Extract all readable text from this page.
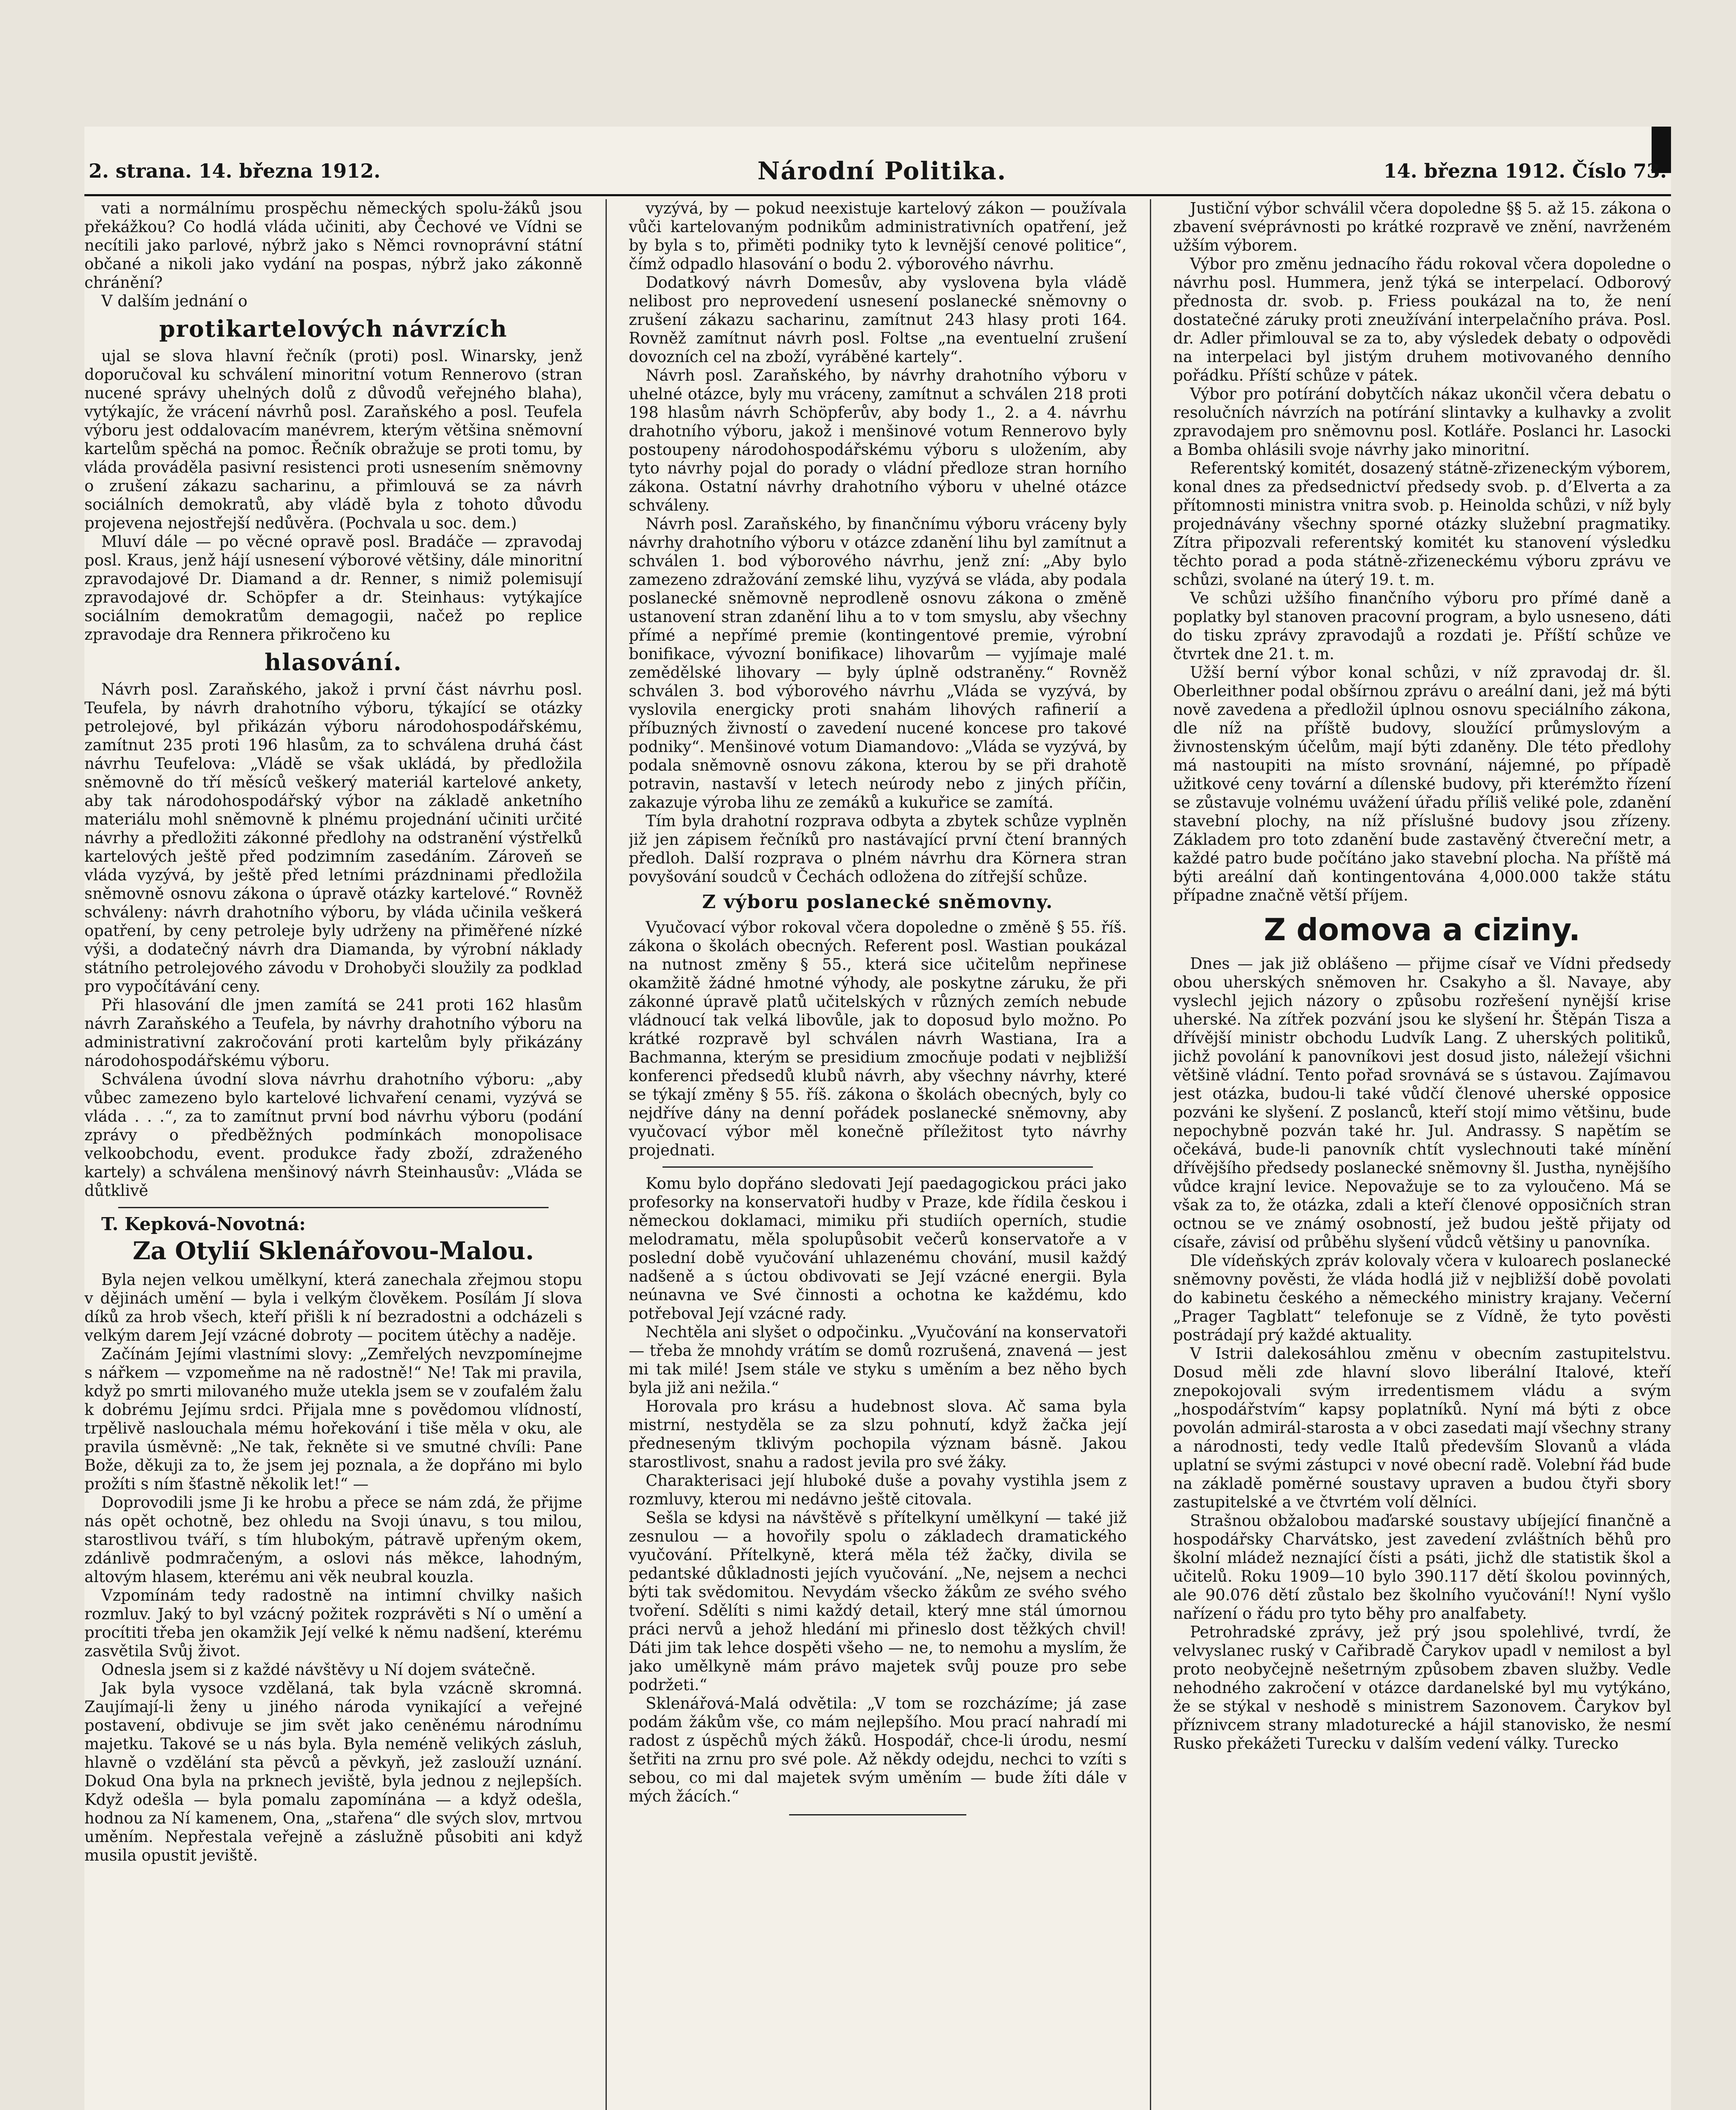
2. strana. 14. března 1912.	Národní Politika.	14. března 1912. Číslo 73.

vati a normálnímu prospěchu německých spolu-žáků jsou překážkou? Co hodlá vláda učiniti, aby Čechové ve Vídni se necítili jako parlové, nýbrž jako s Němci rovnoprávní státní občané a nikoli jako vydání na pospas, nýbrž jako zákonně chránění?

V dalším jednání o

protikartelových návrzích

ujal se slova hlavní řečník (proti) posl. Winarsky, jenž doporučoval ku schválení minoritní votum Rennerovo (stran nucené správy uhelných dolů z důvodů veřejného blaha), vytýkajíc, že vrácení návrhů posl. Zaraňského a posl. Teufela výboru jest oddalovacím manévrem, kterým většina sněmovní kartelům spěchá na pomoc. Řečník obražuje se proti tomu, by vláda prováděla pasivní resistenci proti usnesením sněmovny o zrušení zákazu sacharinu, a přimlouvá se za návrh sociálních demokratů, aby vládě byla z tohoto důvodu projevena nejostřejší nedůvěra. (Pochvala u soc. dem.)

Mluví dále — po věcné opravě posl. Bradáče — zpravodaj posl. Kraus, jenž hájí usnesení výborové většiny, dále minoritní zpravodajové Dr. Diamand a dr. Renner, s nimiž polemisují zpravodajové dr. Schöpfer a dr. Steinhaus: vytýkajíce sociálním demokratům demagogii, načež po replice zpravodaje dra Rennera přikročeno ku

hlasování.

Návrh posl. Zaraňského, jakož i první část návrhu posl. Teufela, by návrh drahotního výboru, týkající se otázky petrolejové, byl přikázán výboru národohospodářskému, zamítnut 235 proti 196 hlasům, za to schválena druhá část návrhu Teufelova: „Vládě se však ukládá, by předložila sněmovně do tří měsíců veškerý materiál kartelové ankety, aby tak národohospodářský výbor na základě anketního materiálu mohl sněmovně k plnému projednání učiniti určité návrhy a předložiti zákonné předlohy na odstranění výstřelků kartelových ještě před podzimním zasedáním. Zároveň se vláda vyzývá, by ještě před letními prázdninami předložila sněmovně osnovu zákona o úpravě otázky kartelové.“ Rovněž schváleny: návrh drahotního výboru, by vláda učinila veškerá opatření, by ceny petroleje byly udrženy na přiměřené nízké výši, a dodatečný návrh dra Diamanda, by výrobní náklady státního petrolejového závodu v Drohobyči sloužily za podklad pro vypočítávání ceny.

Při hlasování dle jmen zamítá se 241 proti 162 hlasům návrh Zaraňského a Teufela, by návrhy drahotního výboru na administrativní zakročování proti kartelům byly přikázány národohospodářskému výboru.

Schválena úvodní slova návrhu drahotního výboru: „aby vůbec zamezeno bylo kartelové lichvaření cenami, vyzývá se vláda . . .“, za to zamítnut první bod návrhu výboru (podání zprávy o předběžných podmínkách monopolisace velkoobchodu, event. produkce řady zboží, zdraženého kartely) a schválena menšinový návrh Steinhausův: „Vláda se důtklivě

T. Kepková-Novotná:
Za Otylií Sklenářovou-Malou.

Byla nejen velkou umělkyní, která zanechala zřejmou stopu v dějinách umění — byla i velkým člověkem. Posílám Jí slova díků za hrob všech, kteří přišli k ní bezradostni a odcházeli s velkým darem Její vzácné dobroty — pocitem útěchy a naděje.

Začínám Jejími vlastními slovy: „Zemřelých nevzpomínejme s nářkem — vzpomeňme na ně radostně!“ Ne! Tak mi pravila, když po smrti milovaného muže utekla jsem se v zoufalém žalu k dobrému Jejímu srdci. Přijala mne s povědomou vlídností, trpělivě naslouchala mému hořekování i tiše měla v oku, ale pravila úsměvně: „Ne tak, řekněte si ve smutné chvíli: Pane Bože, děkuji za to, že jsem jej poznala, a že dopřáno mi bylo prožíti s ním šťastně několik let!“ —

Doprovodili jsme Ji ke hrobu a přece se nám zdá, že přijme nás opět ochotně, bez ohledu na Svoji únavu, s tou milou, starostlivou tváří, s tím hlubokým, pátravě upřeným okem, zdánlivě podmračeným, a oslovi nás měkce, lahodným, altovým hlasem, kterému ani věk neubral kouzla.

Vzpomínám tedy radostně na intimní chvilky našich rozmluv. Jaký to byl vzácný požitek rozprávěti s Ní o umění a procítiti třeba jen okamžik Její velké k němu nadšení, kterému zasvětila Svůj život.

Odnesla jsem si z každé návštěvy u Ní dojem svátečně.

Jak byla vysoce vzdělaná, tak byla vzácně skromná. Zaujímají-li ženy u jiného národa vynikající a veřejné postavení, obdivuje se jim svět jako ceněnému národnímu majetku. Takové se u nás byla. Byla neméně velikých zásluh, hlavně o vzdělání sta pěvců a pěvkyň, jež zaslouží uznání. Dokud Ona byla na prknech jeviště, byla jednou z nejlepších. Když odešla — byla pomalu zapomínána — a když odešla, hodnou za Ní kamenem, Ona, „stařena“ dle svých slov, mrtvou uměním. Nepřestala veřejně a záslužně působiti ani když musila opustit jeviště.

vyzývá, by — pokud neexistuje kartelový zákon — používala vůči kartelovaným podnikům administrativních opatření, jež by byla s to, přiměti podniky tyto k levnější cenové politice“, čímž odpadlo hlasování o bodu 2. výborového návrhu.

Dodatkový návrh Domesův, aby vyslovena byla vládě nelibost pro neprovedení usnesení poslanecké sněmovny o zrušení zákazu sacharinu, zamítnut 243 hlasy proti 164. Rovněž zamítnut návrh posl. Foltse „na eventuelní zrušení dovozních cel na zboží, vyráběné kartely“.

Návrh posl. Zaraňského, by návrhy drahotního výboru v uhelné otázce, byly mu vráceny, zamítnut a schválen 218 proti 198 hlasům návrh Schöpferův, aby body 1., 2. a 4. návrhu drahotního výboru, jakož i menšinové votum Rennerovo byly postoupeny národohospodářskému výboru s uložením, aby tyto návrhy pojal do porady o vládní předloze stran horního zákona. Ostatní návrhy drahotního výboru v uhelné otázce schváleny.

Návrh posl. Zaraňského, by finančnímu výboru vráceny byly návrhy drahotního výboru v otázce zdanění lihu byl zamítnut a schválen 1. bod výborového návrhu, jenž zní: „Aby bylo zamezeno zdražování zemské lihu, vyzývá se vláda, aby podala poslanecké sněmovně neprodleně osnovu zákona o změně ustanovení stran zdanění lihu a to v tom smyslu, aby všechny přímé a nepřímé premie (kontingentové premie, výrobní bonifikace, vývozní bonifikace) lihovarům — vyjímaje malé zemědělské lihovary — byly úplně odstraněny.“ Rovněž schválen 3. bod výborového návrhu „Vláda se vyzývá, by vyslovila energicky proti snahám lihových rafinerií a příbuzných živností o zavedení nucené koncese pro takové podniky“. Menšinové votum Diamandovo: „Vláda se vyzývá, by podala sněmovně osnovu zákona, kterou by se při drahotě potravin, nastavší v letech neúrody nebo z jiných příčin, zakazuje výroba lihu ze zemáků a kukuřice se zamítá.

Tím byla drahotní rozprava odbyta a zbytek schůze vyplněn již jen zápisem řečníků pro nastávající první čtení branných předloh. Další rozprava o plném návrhu dra Körnera stran povyšování soudců v Čechách odložena do zítřejší schůze.

Z výboru poslanecké sněmovny.

Vyučovací výbor rokoval včera dopoledne o změně § 55. říš. zákona o školách obecných. Referent posl. Wastian poukázal na nutnost změny § 55., která sice učitelům nepřinese okamžitě žádné hmotné výhody, ale poskytne záruku, že při zákonné úpravě platů učitelských v různých zemích nebude vládnoucí tak velká libovůle, jak to doposud bylo možno. Po krátké rozpravě byl schválen návrh Wastiana, Ira a Bachmanna, kterým se presidium zmocňuje podati v nejbližší konferenci předsedů klubů návrh, aby všechny návrhy, které se týkají změny § 55. říš. zákona o školách obecných, byly co nejdříve dány na denní pořádek poslanecké sněmovny, aby vyučovací výbor měl konečně příležitost tyto návrhy projednati.

Komu bylo dopřáno sledovati Její paedagogickou práci jako profesorky na konservatoři hudby v Praze, kde řídila českou i německou doklamaci, mimiku při studiích operních, studie melodramatu, měla spolupůsobit večerů konservatoře a v poslední době vyučování uhlazenému chování, musil každý nadšeně a s úctou obdivovati se Její vzácné energii. Byla neúnavna ve Své činnosti a ochotna ke každému, kdo potřeboval Její vzácné rady.

Nechtěla ani slyšet o odpočinku. „Vyučování na konservatoři — třeba že mnohdy vrátím se domů rozrušená, znavená — jest mi tak milé! Jsem stále ve styku s uměním a bez něho bych byla již ani nežila.“

Horovala pro krásu a hudebnost slova. Ač sama byla mistrní, nestyděla se za slzu pohnutí, když žačka její předneseným tklivým pochopila význam básně. Jakou starostlivost, snahu a radost jevila pro své žáky.

Charakterisaci její hluboké duše a povahy vystihla jsem z rozmluvy, kterou mi nedávno ještě citovala.

Sešla se kdysi na návštěvě s přítelkyní umělkyní — také již zesnulou — a hovořily spolu o základech dramatického vyučování. Přítelkyně, která měla též žačky, divila se pedantské důkladnosti jejích vyučování. „Ne, nejsem a nechci býti tak svědomitou. Nevydám všecko žákům ze svého svého tvoření. Sdělíti s nimi každý detail, který mne stál úmornou práci nervů a jehož hledání mi přineslo dost těžkých chvil! Dáti jim tak lehce dospěti všeho — ne, to nemohu a myslím, že jako umělkyně mám právo majetek svůj pouze pro sebe podržeti.“

Sklenářová-Malá odvětila: „V tom se rozcházíme; já zase podám žákům vše, co mám nejlepšího. Mou prací nahradí mi radost z úspěchů mých žáků. Hospodář, chce-li úrodu, nesmí šetřiti na zrnu pro své pole. Až někdy odejdu, nechci to vzíti s sebou, co mi dal majetek svým uměním — bude žíti dále v mých žácích.“

Justiční výbor schválil včera dopoledne §§ 5. až 15. zákona o zbavení svéprávnosti po krátké rozpravě ve znění, navrženém užším výborem.

Výbor pro změnu jednacího řádu rokoval včera dopoledne o návrhu posl. Hummera, jenž týká se interpelací. Odborový přednosta dr. svob. p. Friess poukázal na to, že není dostatečné záruky proti zneužívání interpelačního práva. Posl. dr. Adler přimlouval se za to, aby výsledek debaty o odpovědi na interpelaci byl jistým druhem motivovaného denního pořádku. Příští schůze v pátek.

Výbor pro potírání dobytčích nákaz ukončil včera debatu o resolučních návrzích na potírání slintavky a kulhavky a zvolit zpravodajem pro sněmovnu posl. Kotláře. Poslanci hr. Lasocki a Bomba ohlásili svoje návrhy jako minoritní.

Referentský komitét, dosazený státně-zřizeneckým výborem, konal dnes za předsednictví předsedy svob. p. d’Elverta a za přítomnosti ministra vnitra svob. p. Heinolda schůzi, v níž byly projednávány všechny sporné otázky služební pragmatiky. Zítra připozvali referentský komitét ku stanovení výsledku těchto porad a poda státně-zřizeneckému výboru zprávu ve schůzi, svolané na úterý 19. t. m.

Ve schůzi užšího finančního výboru pro přímé daně a poplatky byl stanoven pracovní program, a bylo usneseno, dáti do tisku zprávy zpravodajů a rozdati je. Příští schůze ve čtvrtek dne 21. t. m.

Užší berní výbor konal schůzi, v níž zpravodaj dr. šl. Oberleithner podal obšírnou zprávu o areální dani, jež má býti nově zavedena a předložil úplnou osnovu speciálního zákona, dle níž na příště budovy, sloužící průmyslovým a živnostenským účelům, mají býti zdaněny. Dle této předlohy má nastoupiti na místo srovnání, nájemné, po případě užitkové ceny tovární a dílenské budovy, při kterémžto řízení se zůstavuje volnému uvážení úřadu příliš veliké pole, zdanění stavební plochy, na níž příslušné budovy jsou zřízeny. Základem pro toto zdanění bude zastavěný čtvereční metr, a každé patro bude počítáno jako stavební plocha. Na příště má býti areální daň kontingentována 4,000.000 takže státu případne značně větší příjem.

Z domova a ciziny.

Dnes — jak již oblášeno — přijme císař ve Vídni předsedy obou uherských sněmoven hr. Csakyho a šl. Navaye, aby vyslechl jejich názory o způsobu rozřešení nynější krise uherské. Na zítřek pozvání jsou ke slyšení hr. Štěpán Tisza a dřívější ministr obchodu Ludvík Lang. Z uherských politiků, jichž povolání k panovníkovi jest dosud jisto, náležejí všichni většině vládní. Tento pořad srovnává se s ústavou. Zajímavou jest otázka, budou-li také vůdčí členové uherské opposice pozváni ke slyšení. Z poslanců, kteří stojí mimo většinu, bude nepochybně pozván také hr. Jul. Andrassy. S napětím se očekává, bude-li panovník chtít vyslechnouti také mínění dřívějšího předsedy poslanecké sněmovny šl. Justha, nynějšího vůdce krajní levice. Nepovažuje se to za vyloučeno. Má se však za to, že otázka, zdali a kteří členové opposičních stran octnou se ve známý osobností, jež budou ještě přijaty od císaře, závisí od průběhu slyšení vůdců většiny u panovníka.

Dle vídeňských zpráv kolovaly včera v kuloarech poslanecké sněmovny pověsti, že vláda hodlá již v nejbližší době povolati do kabinetu českého a německého ministry krajany. Večerní „Prager Tagblatt“ telefonuje se z Vídně, že tyto pověsti postrádají prý každé aktuality.

V Istrii dalekosáhlou změnu v obecním zastupitelstvu. Dosud měli zde hlavní slovo liberální Italové, kteří znepokojovali svým irredentismem vládu a svým „hospodářstvím“ kapsy poplatníků. Nyní má býti z obce povolán admirál-starosta a v obci zasedati mají všechny strany a národnosti, tedy vedle Italů především Slovanů a vláda uplatní se svými zástupci v nové obecní radě. Volební řád bude na základě poměrné soustavy upraven a budou čtyři sbory zastupitelské a ve čtvrtém volí dělníci.

Strašnou obžalobou maďarské soustavy ubíjející finančně a hospodářsky Charvátsko, jest zavedení zvláštních běhů pro školní mládež neznající čísti a psáti, jichž dle statistik škol a učitelů. Roku 1909—10 bylo 390.117 dětí školou povinných, ale 90.076 dětí zůstalo bez školního vyučování!! Nyní vyšlo nařízení o řádu pro tyto běhy pro analfabety.

Petrohradské zprávy, jež prý jsou spolehlivé, tvrdí, že velvyslanec ruský v Cařibradě Čarykov upadl v nemilost a byl proto neobyčejně nešetrným způsobem zbaven služby. Vedle nehodného zakročení v otázce dardanelské byl mu vytýkáno, že se stýkal v neshodě s ministrem Sazonovem. Čarykov byl příznivcem strany mladoturecké a hájil stanovisko, že nesmí Rusko překážeti Turecku v dalším vedení války. Turecko
